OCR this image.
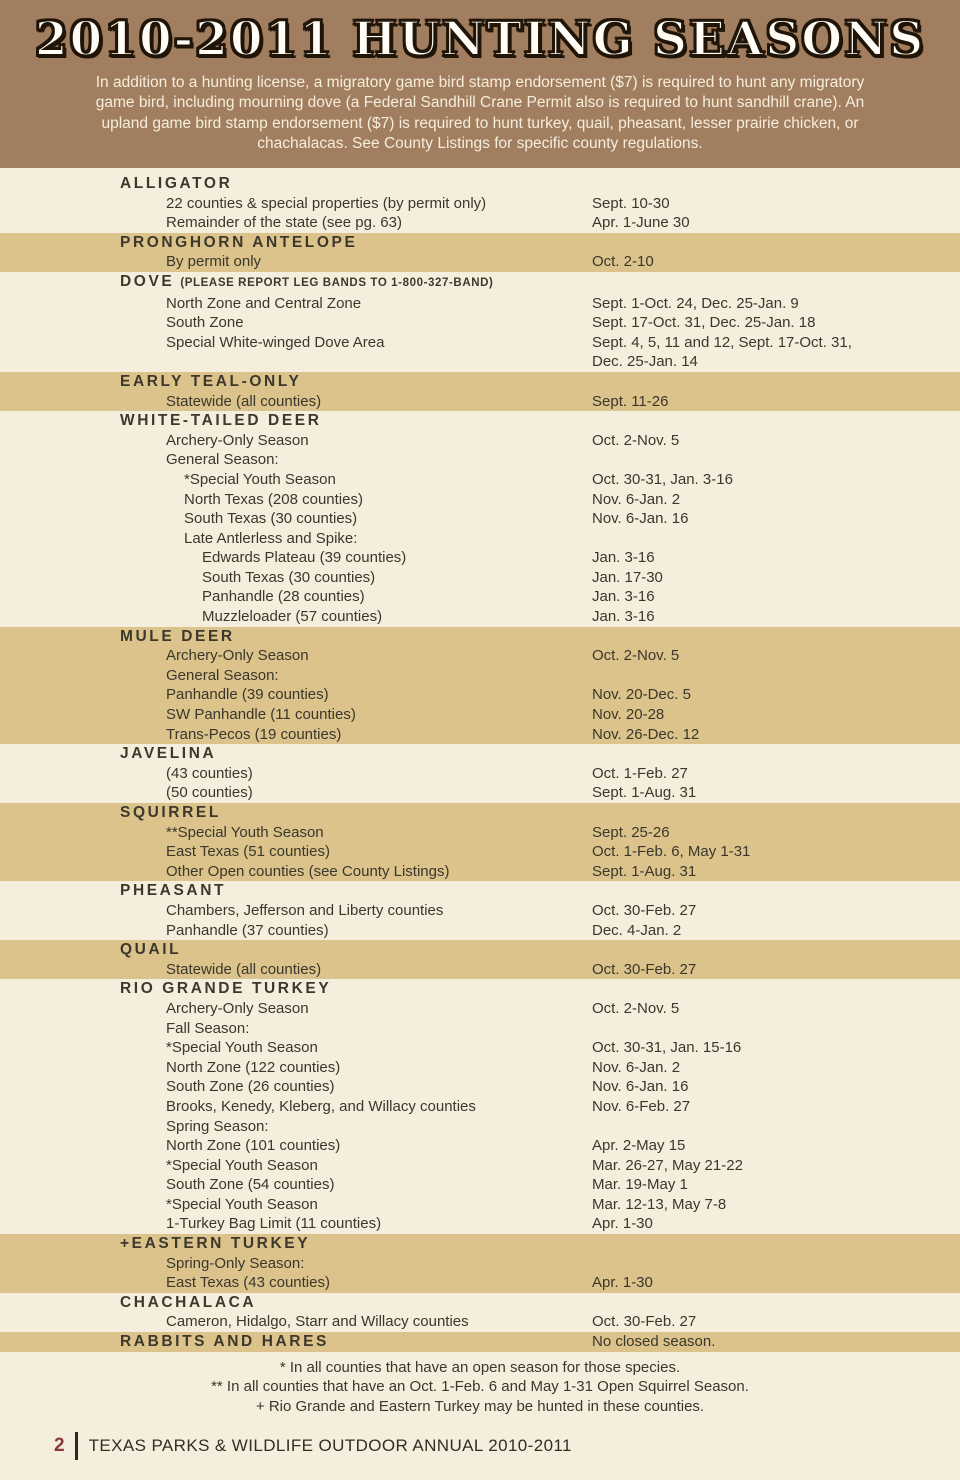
2010-2011 HUNTING SEASONS

In addition to a hunting license, a migratory game bird stamp endorsement ($7) is required to hunt any migratory game bird, including mourning dove (a Federal Sandhill Crane Permit also is required to hunt sandhill crane). An upland game bird stamp endorsement ($7) is required to hunt turkey, quail, pheasant, lesser prairie chicken, or chachalacas. See County Listings for specific county regulations.

ALLIGATOR
22 counties & special properties (by permit only)	Sept. 10-30
Remainder of the state (see pg. 63)	Apr. 1-June 30
PRONGHORN ANTELOPE
By permit only	Oct. 2-10
DOVE (PLEASE REPORT LEG BANDS TO 1-800-327-BAND)
North Zone and Central Zone	Sept. 1-Oct. 24, Dec. 25-Jan. 9
South Zone	Sept. 17-Oct. 31, Dec. 25-Jan. 18
Special White-winged Dove Area	Sept. 4, 5, 11 and 12, Sept. 17-Oct. 31, Dec. 25-Jan. 14
EARLY TEAL-ONLY
Statewide (all counties)	Sept. 11-26
WHITE-TAILED DEER
Archery-Only Season	Oct. 2-Nov. 5
General Season:
*Special Youth Season	Oct. 30-31, Jan. 3-16
North Texas (208 counties)	Nov. 6-Jan. 2
South Texas (30 counties)	Nov. 6-Jan. 16
Late Antlerless and Spike:
Edwards Plateau (39 counties)	Jan. 3-16
South Texas (30 counties)	Jan. 17-30
Panhandle (28 counties)	Jan. 3-16
Muzzleloader (57 counties)	Jan. 3-16
MULE DEER
Archery-Only Season	Oct. 2-Nov. 5
General Season:
Panhandle (39 counties)	Nov. 20-Dec. 5
SW Panhandle (11 counties)	Nov. 20-28
Trans-Pecos (19 counties)	Nov. 26-Dec. 12
JAVELINA
(43 counties)	Oct. 1-Feb. 27
(50 counties)	Sept. 1-Aug. 31
SQUIRREL
**Special Youth Season	Sept. 25-26
East Texas (51 counties)	Oct. 1-Feb. 6, May 1-31
Other Open counties (see County Listings)	Sept. 1-Aug. 31
PHEASANT
Chambers, Jefferson and Liberty counties	Oct. 30-Feb. 27
Panhandle (37 counties)	Dec. 4-Jan. 2
QUAIL
Statewide (all counties)	Oct. 30-Feb. 27
RIO GRANDE TURKEY
Archery-Only Season	Oct. 2-Nov. 5
Fall Season:
*Special Youth Season	Oct. 30-31, Jan. 15-16
North Zone (122 counties)	Nov. 6-Jan. 2
South Zone (26 counties)	Nov. 6-Jan. 16
Brooks, Kenedy, Kleberg, and Willacy counties	Nov. 6-Feb. 27
Spring Season:
North Zone (101 counties)	Apr. 2-May 15
*Special Youth Season	Mar. 26-27, May 21-22
South Zone (54 counties)	Mar. 19-May 1
*Special Youth Season	Mar. 12-13, May 7-8
1-Turkey Bag Limit (11 counties)	Apr. 1-30
+EASTERN TURKEY
Spring-Only Season:
East Texas (43 counties)	Apr. 1-30
CHACHALACA
Cameron, Hidalgo, Starr and Willacy counties	Oct. 30-Feb. 27
RABBITS AND HARES	No closed season.
* In all counties that have an open season for those species.
** In all counties that have an Oct. 1-Feb. 6 and May 1-31 Open Squirrel Season.
+ Rio Grande and Eastern Turkey may be hunted in these counties.
2 TEXAS PARKS & WILDLIFE OUTDOOR ANNUAL 2010-2011
